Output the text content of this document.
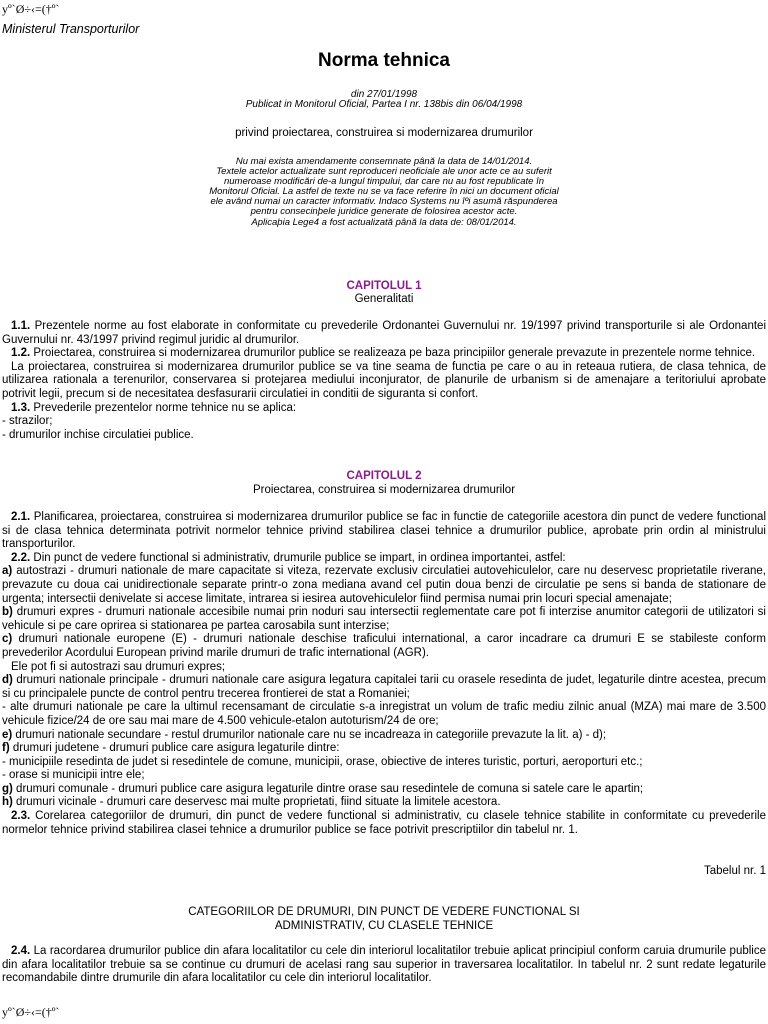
yº`Ø÷‹=(†º`
Ministerul Transporturilor
Norma tehnica
din 27/01/1998
Publicat in Monitorul Oficial, Partea I nr. 138bis din 06/04/1998
privind proiectarea, construirea si modernizarea drumurilor
Nu mai exista amendamente consemnate până la data de 14/01/2014.
Textele actelor actualizate sunt reproduceri neoficiale ale unor acte ce au suferit
numeroase modificări de-a lungul timpului, dar care nu au fost republicate în
Monitorul Oficial. La astfel de texte nu se va face referire în nici un document oficial
ele având numai un caracter informativ. Indaco Systems nu îºi asumă răspunderea
pentru consecinþele juridice generate de folosirea acestor acte.
Aplicaþia Lege4 a fost actualizată până la data de: 08/01/2014.
CAPITOLUL 1
Generalitati

1.1. Prezentele norme au fost elaborate in conformitate cu prevederile Ordonantei Guvernului nr. 19/1997 privind transporturile si ale Ordonantei Guvernului nr. 43/1997 privind regimul juridic al drumurilor.

1.2. Proiectarea, construirea si modernizarea drumurilor publice se realizeaza pe baza principiilor generale prevazute in prezentele norme tehnice.

La proiectarea, construirea si modernizarea drumurilor publice se va tine seama de functia pe care o au in reteaua rutiera, de clasa tehnica, de utilizarea rationala a terenurilor, conservarea si protejarea mediului inconjurator, de planurile de urbanism si de amenajare a teritoriului aprobate potrivit legii, precum si de necesitatea desfasurarii circulatiei in conditii de siguranta si confort.

1.3. Prevederile prezentelor norme tehnice nu se aplica:

- strazilor;

- drumurilor inchise circulatiei publice.

CAPITOLUL 2
Proiectarea, construirea si modernizarea drumurilor

2.1. Planificarea, proiectarea, construirea si modernizarea drumurilor publice se fac in functie de categoriile acestora din punct de vedere functional si de clasa tehnica determinata potrivit normelor tehnice privind stabilirea clasei tehnice a drumurilor publice, aprobate prin ordin al ministrului transporturilor.

2.2. Din punct de vedere functional si administrativ, drumurile publice se impart, in ordinea importantei, astfel:

a) autostrazi - drumuri nationale de mare capacitate si viteza, rezervate exclusiv circulatiei autovehiculelor, care nu deservesc proprietatile riverane, prevazute cu doua cai unidirectionale separate printr-o zona mediana avand cel putin doua benzi de circulatie pe sens si banda de stationare de urgenta; intersectii denivelate si accese limitate, intrarea si iesirea autovehiculelor fiind permisa numai prin locuri special amenajate;

b) drumuri expres - drumuri nationale accesibile numai prin noduri sau intersectii reglementate care pot fi interzise anumitor categorii de utilizatori si vehicule si pe care oprirea si stationarea pe partea carosabila sunt interzise;

c) drumuri nationale europene (E) - drumuri nationale deschise traficului international, a caror incadrare ca drumuri E se stabileste conform prevederilor Acordului European privind marile drumuri de trafic international (AGR).

Ele pot fi si autostrazi sau drumuri expres;

d) drumuri nationale principale - drumuri nationale care asigura legatura capitalei tarii cu orasele resedinta de judet, legaturile dintre acestea, precum si cu principalele puncte de control pentru trecerea frontierei de stat a Romaniei;

- alte drumuri nationale pe care la ultimul recensamant de circulatie s-a inregistrat un volum de trafic mediu zilnic anual (MZA) mai mare de 3.500 vehicule fizice/24 de ore sau mai mare de 4.500 vehicule-etalon autoturism/24 de ore;

e) drumuri nationale secundare - restul drumurilor nationale care nu se incadreaza in categoriile prevazute la lit. a) - d);

f) drumuri judetene - drumuri publice care asigura legaturile dintre:

- municipiile resedinta de judet si resedintele de comune, municipii, orase, obiective de interes turistic, porturi, aeroporturi etc.;

- orase si municipii intre ele;

g) drumuri comunale - drumuri publice care asigura legaturile dintre orase sau resedintele de comuna si satele care le apartin;

h) drumuri vicinale - drumuri care deservesc mai multe proprietati, fiind situate la limitele acestora.

2.3. Corelarea categoriilor de drumuri, din punct de vedere functional si administrativ, cu clasele tehnice stabilite in conformitate cu prevederile normelor tehnice privind stabilirea clasei tehnice a drumurilor publice se face potrivit prescriptiilor din tabelul nr. 1.

Tabelul nr. 1
CATEGORIILOR DE DRUMURI, DIN PUNCT DE VEDERE FUNCTIONAL SI
ADMINISTRATIV, CU CLASELE TEHNICE

2.4. La racordarea drumurilor publice din afara localitatilor cu cele din interiorul localitatilor trebuie aplicat principiul conform caruia drumurile publice din afara localitatilor trebuie sa se continue cu drumuri de acelasi rang sau superior in traversarea localitatilor. In tabelul nr. 2 sunt redate legaturile recomandabile dintre drumurile din afara localitatilor cu cele din interiorul localitatilor.

yº`Ø÷‹=(†º`
